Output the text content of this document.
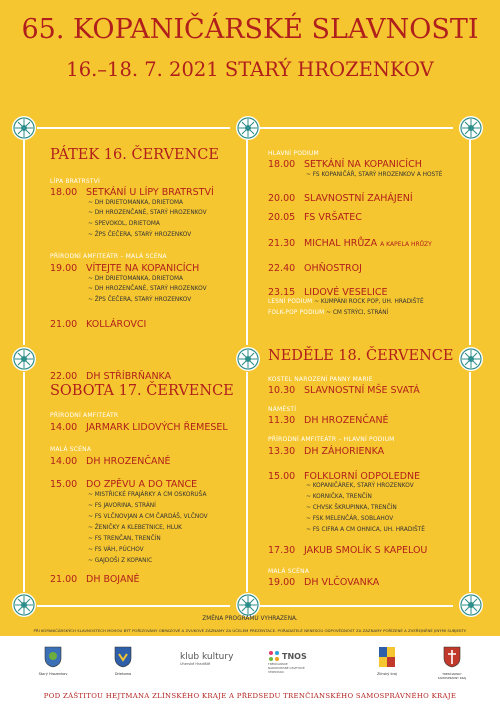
65. KOPANIČÁRSKÉ SLAVNOSTI
16.–18. 7. 2021 STARÝ HROZENKOV
PÁTEK 16. ČERVENCE
LÍPA BRATRSTVÍ
18.00 SETKÁNÍ U LÍPY BRATRSTVÍ
~ DH DRIETOMANKA, DRIETOMA
~ DH HROZENČANÉ, STARÝ HROZENKOV
~ SPEVOKOL, DRIETOMA
~ ŽPS ČEČERA, STARÝ HROZENKOV
PŘÍRODNÍ AMFITEÁTR – MALÁ SCÉNA
19.00 VÍTEJTE NA KOPANICÍCH
~ DH DRIETOMANKA, DRIETOMA
~ DH HROZENČANÉ, STARÝ HROZENKOV
~ ŽPS ČEČERA, STARÝ HROZENKOV
21.00 KOLLÁROVCI
22.00 DH STŘÍBRŇANKA
HLAVNÍ PODIUM
18.00 SETKÁNÍ NA KOPANICÍCH
~ FS KOPANIČÁŘ, STARÝ HROZENKOV A HOSTÉ
20.00 SLAVNOSTNÍ ZAHÁJENÍ
20.05 FS VRŠATEC
21.30 MICHAL HRŮZA A KAPELA HRŮZY
22.40 OHŇOSTROJ
23.15 LIDOVÉ VESELICE
LESNÍ PODIUM ~ KUMPÁNI ROCK POP, UH. HRADIŠTĚ
FOLK-POP PODIUM ~ CM STRÝCI, STRÁNÍ
SOBOTA 17. ČERVENCE
PŘÍRODNÍ AMFITEÁTR
14.00 JARMARK LIDOVÝCH ŘEMESEL
MALÁ SCÉNA
14.00 DH HROZENČANÉ
15.00 DO ZPĚVU A DO TANCE
~ MISTŘICKÉ FRAJÁRKY A CM OSKORUŠA
~ FS JAVORINA, STRÁNÍ
~ FS VLČNOVJAN A CM ČARDÁŠ, VLČNOV
~ ŽENIČKY A KLEBETNICE, HLUK
~ FS TRENČAN, TRENČÍN
~ FS VÁH, PÚCHOV
~ GAJDOŠI Z KOPANIC
21.00 DH BOJANÉ
NEDĚLE 18. ČERVENCE
KOSTEL NAROZENÍ PANNY MARIE
10.30 SLAVNOSTNÍ MŠE SVATÁ
NÁMĚSTÍ
11.30 DH HROZENČANÉ
PŘÍRODNÍ AMFITEÁTR – HLAVNÍ PODIUM
13.30 DH ZÁHORIENKA
15.00 FOLKLORNÍ ODPOLEDNE
~ KOPANIČÁREK, STARÝ HROZENKOV
~ KORNIČKA, TRENČÍN
~ CHVSK ŠKRUPINKA, TRENČÍN
~ FSK MELENČÁR, SOBLAHOV
~ FS CIFRA A CM OHNICA, UH. HRADIŠTĚ
17.30 JAKUB SMOLÍK S KAPELOU
MALÁ SCÉNA
19.00 DH VLČOVANKA
ZMĚNA PROGRAMU VYHRAZENA.
PŘI KOPANIČÁRSKÝCH SLAVNOSTECH MOHOU BÝT POŘIZOVÁNY OBRAZOVÉ A ZVUKOVÉ ZÁZNAMY ZA ÚČELEM PREZENTACE. POŘADATELÉ NENESOU ODPOVĚDNOST ZA ZÁZNAMY POŘÍZENÉ A ZVEŘEJNĚNÉ JINÝMI SUBJEKTY.
Starý Hrozenkov	Drietoma
klub kultury
Uherské Hradiště
TNOS
TRENČIANSKE NÁRODOPISNÉ OSVETOVÉ STREDISKO	Zlínský kraj	TRENČIANSKY SAMOSPRÁVNY KRAJ
POD ZÁŠTITOU HEJTMANA ZLÍNSKÉHO KRAJE A PŘEDSEDU TRENČIANSKÉHO SAMOSPRÁVNÉHO KRAJE
